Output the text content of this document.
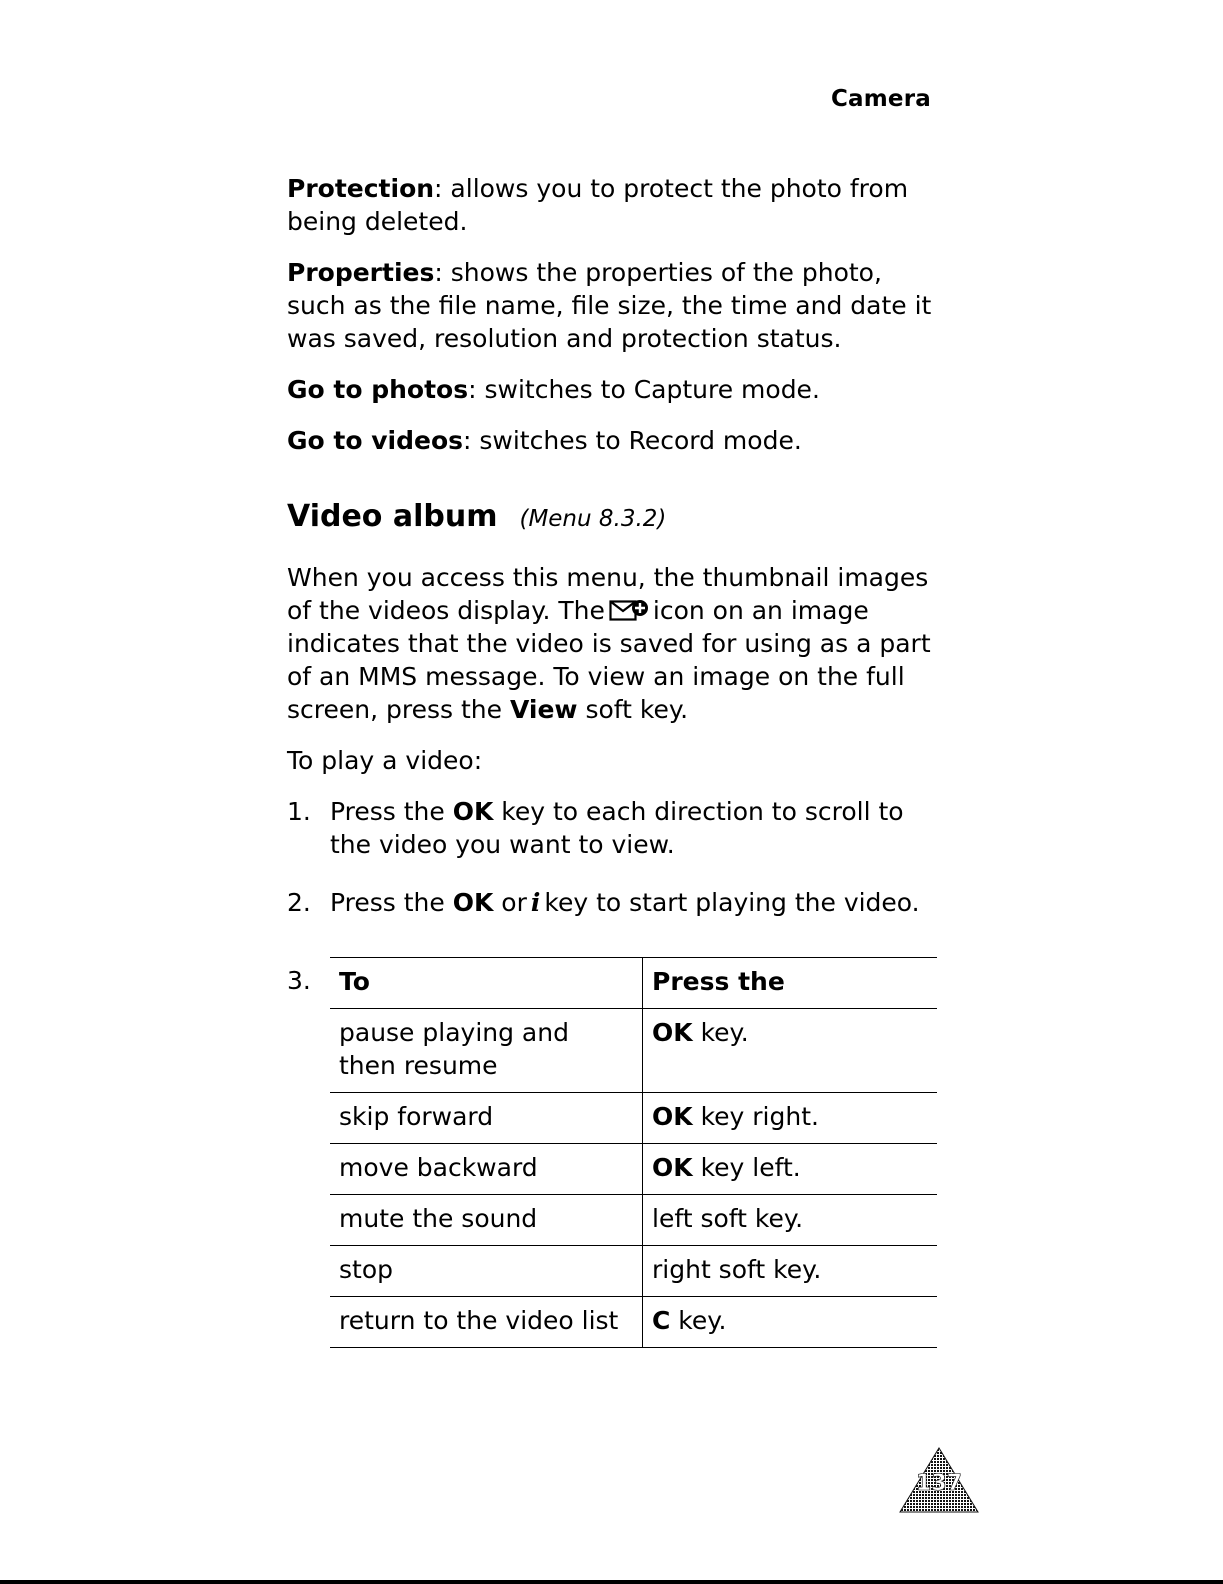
Camera

Protection: allows you to protect the photo from being deleted.

Properties: shows the properties of the photo, such as the file name, file size, the time and date it was saved, resolution and protection status.

Go to photos: switches to Capture mode.

Go to videos: switches to Record mode.

Video album (Menu 8.3.2)

When you access this menu, the thumbnail images of the videos display. The icon on an image indicates that the video is saved for using as a part of an MMS message. To view an image on the full screen, press the View soft key.

To play a video:

1. Press the OK key to each direction to scroll to the video you want to view.
2. Press the OK or i key to start playing the video.
3. To	Press the
pause playing and then resume	OK key.
skip forward	OK key right.
move backward	OK key left.
mute the sound	left soft key.
stop	right soft key.
return to the video list	C key.
137
